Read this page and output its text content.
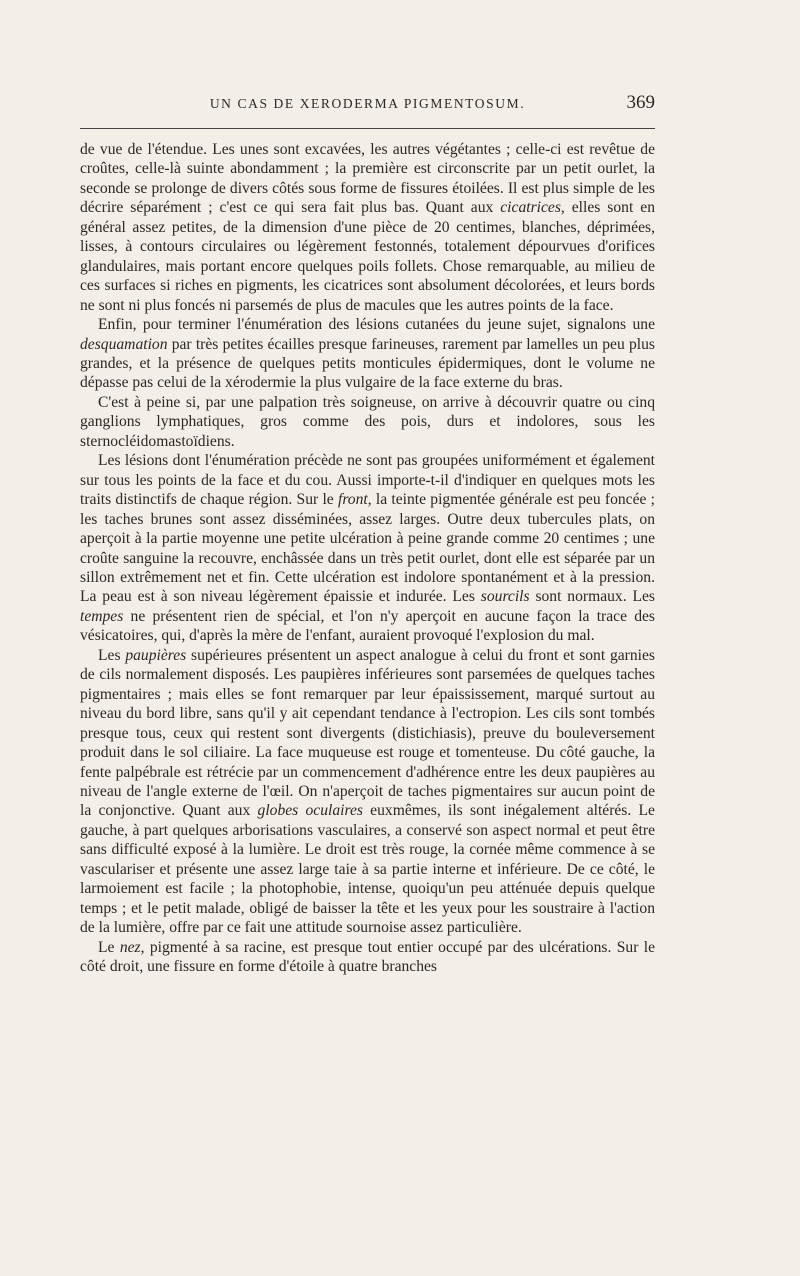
UN CAS DE XERODERMA PIGMENTOSUM.	369

de vue de l'étendue. Les unes sont excavées, les autres végétantes ; celle-ci est revêtue de croûtes, celle-là suinte abondamment ; la première est circonscrite par un petit ourlet, la seconde se prolonge de divers côtés sous forme de fissures étoilées. Il est plus simple de les décrire séparément ; c'est ce qui sera fait plus bas. Quant aux cicatrices, elles sont en général assez petites, de la dimension d'une pièce de 20 centimes, blanches, déprimées, lisses, à contours circulaires ou légèrement festonnés, totalement dépourvues d'orifices glandulaires, mais portant encore quelques poils follets. Chose remarquable, au milieu de ces surfaces si riches en pigments, les cicatrices sont absolument décolorées, et leurs bords ne sont ni plus foncés ni parsemés de plus de macules que les autres points de la face.

Enfin, pour terminer l'énumération des lésions cutanées du jeune sujet, signalons une desquamation par très petites écailles presque farineuses, rarement par lamelles un peu plus grandes, et la présence de quelques petits monticules épidermiques, dont le volume ne dépasse pas celui de la xérodermie la plus vulgaire de la face externe du bras.

C'est à peine si, par une palpation très soigneuse, on arrive à découvrir quatre ou cinq ganglions lymphatiques, gros comme des pois, durs et indolores, sous les sternocléidomastoïdiens.

Les lésions dont l'énumération précède ne sont pas groupées uniformément et également sur tous les points de la face et du cou. Aussi importe-t-il d'indiquer en quelques mots les traits distinctifs de chaque région. Sur le front, la teinte pigmentée générale est peu foncée ; les taches brunes sont assez disséminées, assez larges. Outre deux tubercules plats, on aperçoit à la partie moyenne une petite ulcération à peine grande comme 20 centimes ; une croûte sanguine la recouvre, enchâssée dans un très petit ourlet, dont elle est séparée par un sillon extrêmement net et fin. Cette ulcération est indolore spontanément et à la pression. La peau est à son niveau légèrement épaissie et indurée. Les sourcils sont normaux. Les tempes ne présentent rien de spécial, et l'on n'y aperçoit en aucune façon la trace des vésicatoires, qui, d'après la mère de l'enfant, auraient provoqué l'explosion du mal.

Les paupières supérieures présentent un aspect analogue à celui du front et sont garnies de cils normalement disposés. Les paupières inférieures sont parsemées de quelques taches pigmentaires ; mais elles se font remarquer par leur épaississement, marqué surtout au niveau du bord libre, sans qu'il y ait cependant tendance à l'ectropion. Les cils sont tombés presque tous, ceux qui restent sont divergents (distichiasis), preuve du bouleversement produit dans le sol ciliaire. La face muqueuse est rouge et tomenteuse. Du côté gauche, la fente palpébrale est rétrécie par un commencement d'adhérence entre les deux paupières au niveau de l'angle externe de l'œil. On n'aperçoit de taches pigmentaires sur aucun point de la conjonctive. Quant aux globes oculaires euxmêmes, ils sont inégalement altérés. Le gauche, à part quelques arborisations vasculaires, a conservé son aspect normal et peut être sans difficulté exposé à la lumière. Le droit est très rouge, la cornée même commence à se vasculariser et présente une assez large taie à sa partie interne et inférieure. De ce côté, le larmoiement est facile ; la photophobie, intense, quoiqu'un peu atténuée depuis quelque temps ; et le petit malade, obligé de baisser la tête et les yeux pour les soustraire à l'action de la lumière, offre par ce fait une attitude sournoise assez particulière.

Le nez, pigmenté à sa racine, est presque tout entier occupé par des ulcérations. Sur le côté droit, une fissure en forme d'étoile à quatre branches
